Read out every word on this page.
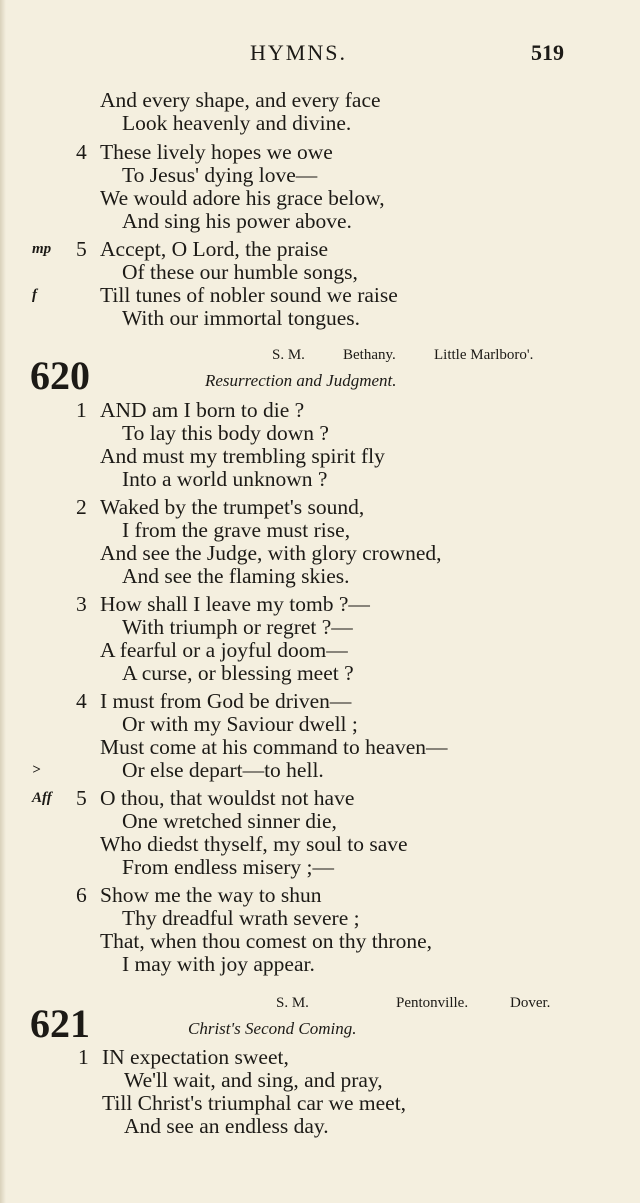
HYMNS.	519
And every shape, and every face
Look heavenly and divine.
4 These lively hopes we owe
To Jesus' dying love—
We would adore his grace below,
And sing his power above.
mp 5 Accept, O Lord, the praise
Of these our humble songs,
f	Till tunes of nobler sound we raise
With our immortal tongues.
620	S. M.	Bethany.	Little Marlboro'.
Resurrection and Judgment.
1 AND am I born to die ?
To lay this body down ?
And must my trembling spirit fly
Into a world unknown ?
2 Waked by the trumpet's sound,
I from the grave must rise,
And see the Judge, with glory crowned,
And see the flaming skies.
3 How shall I leave my tomb ?—
With triumph or regret ?—
A fearful or a joyful doom—
A curse, or blessing meet ?
4 I must from God be driven—
Or with my Saviour dwell ;
Must come at his command to heaven—
>	Or else depart—to hell.
Aff 5 O thou, that wouldst not have
One wretched sinner die,
Who diedst thyself, my soul to save
From endless misery ;—
6 Show me the way to shun
Thy dreadful wrath severe ;
That, when thou comest on thy throne,
I may with joy appear.
621	S. M.	Pentonville.	Dover.
Christ's Second Coming.
1 IN expectation sweet,
We'll wait, and sing, and pray,
Till Christ's triumphal car we meet,
And see an endless day.
